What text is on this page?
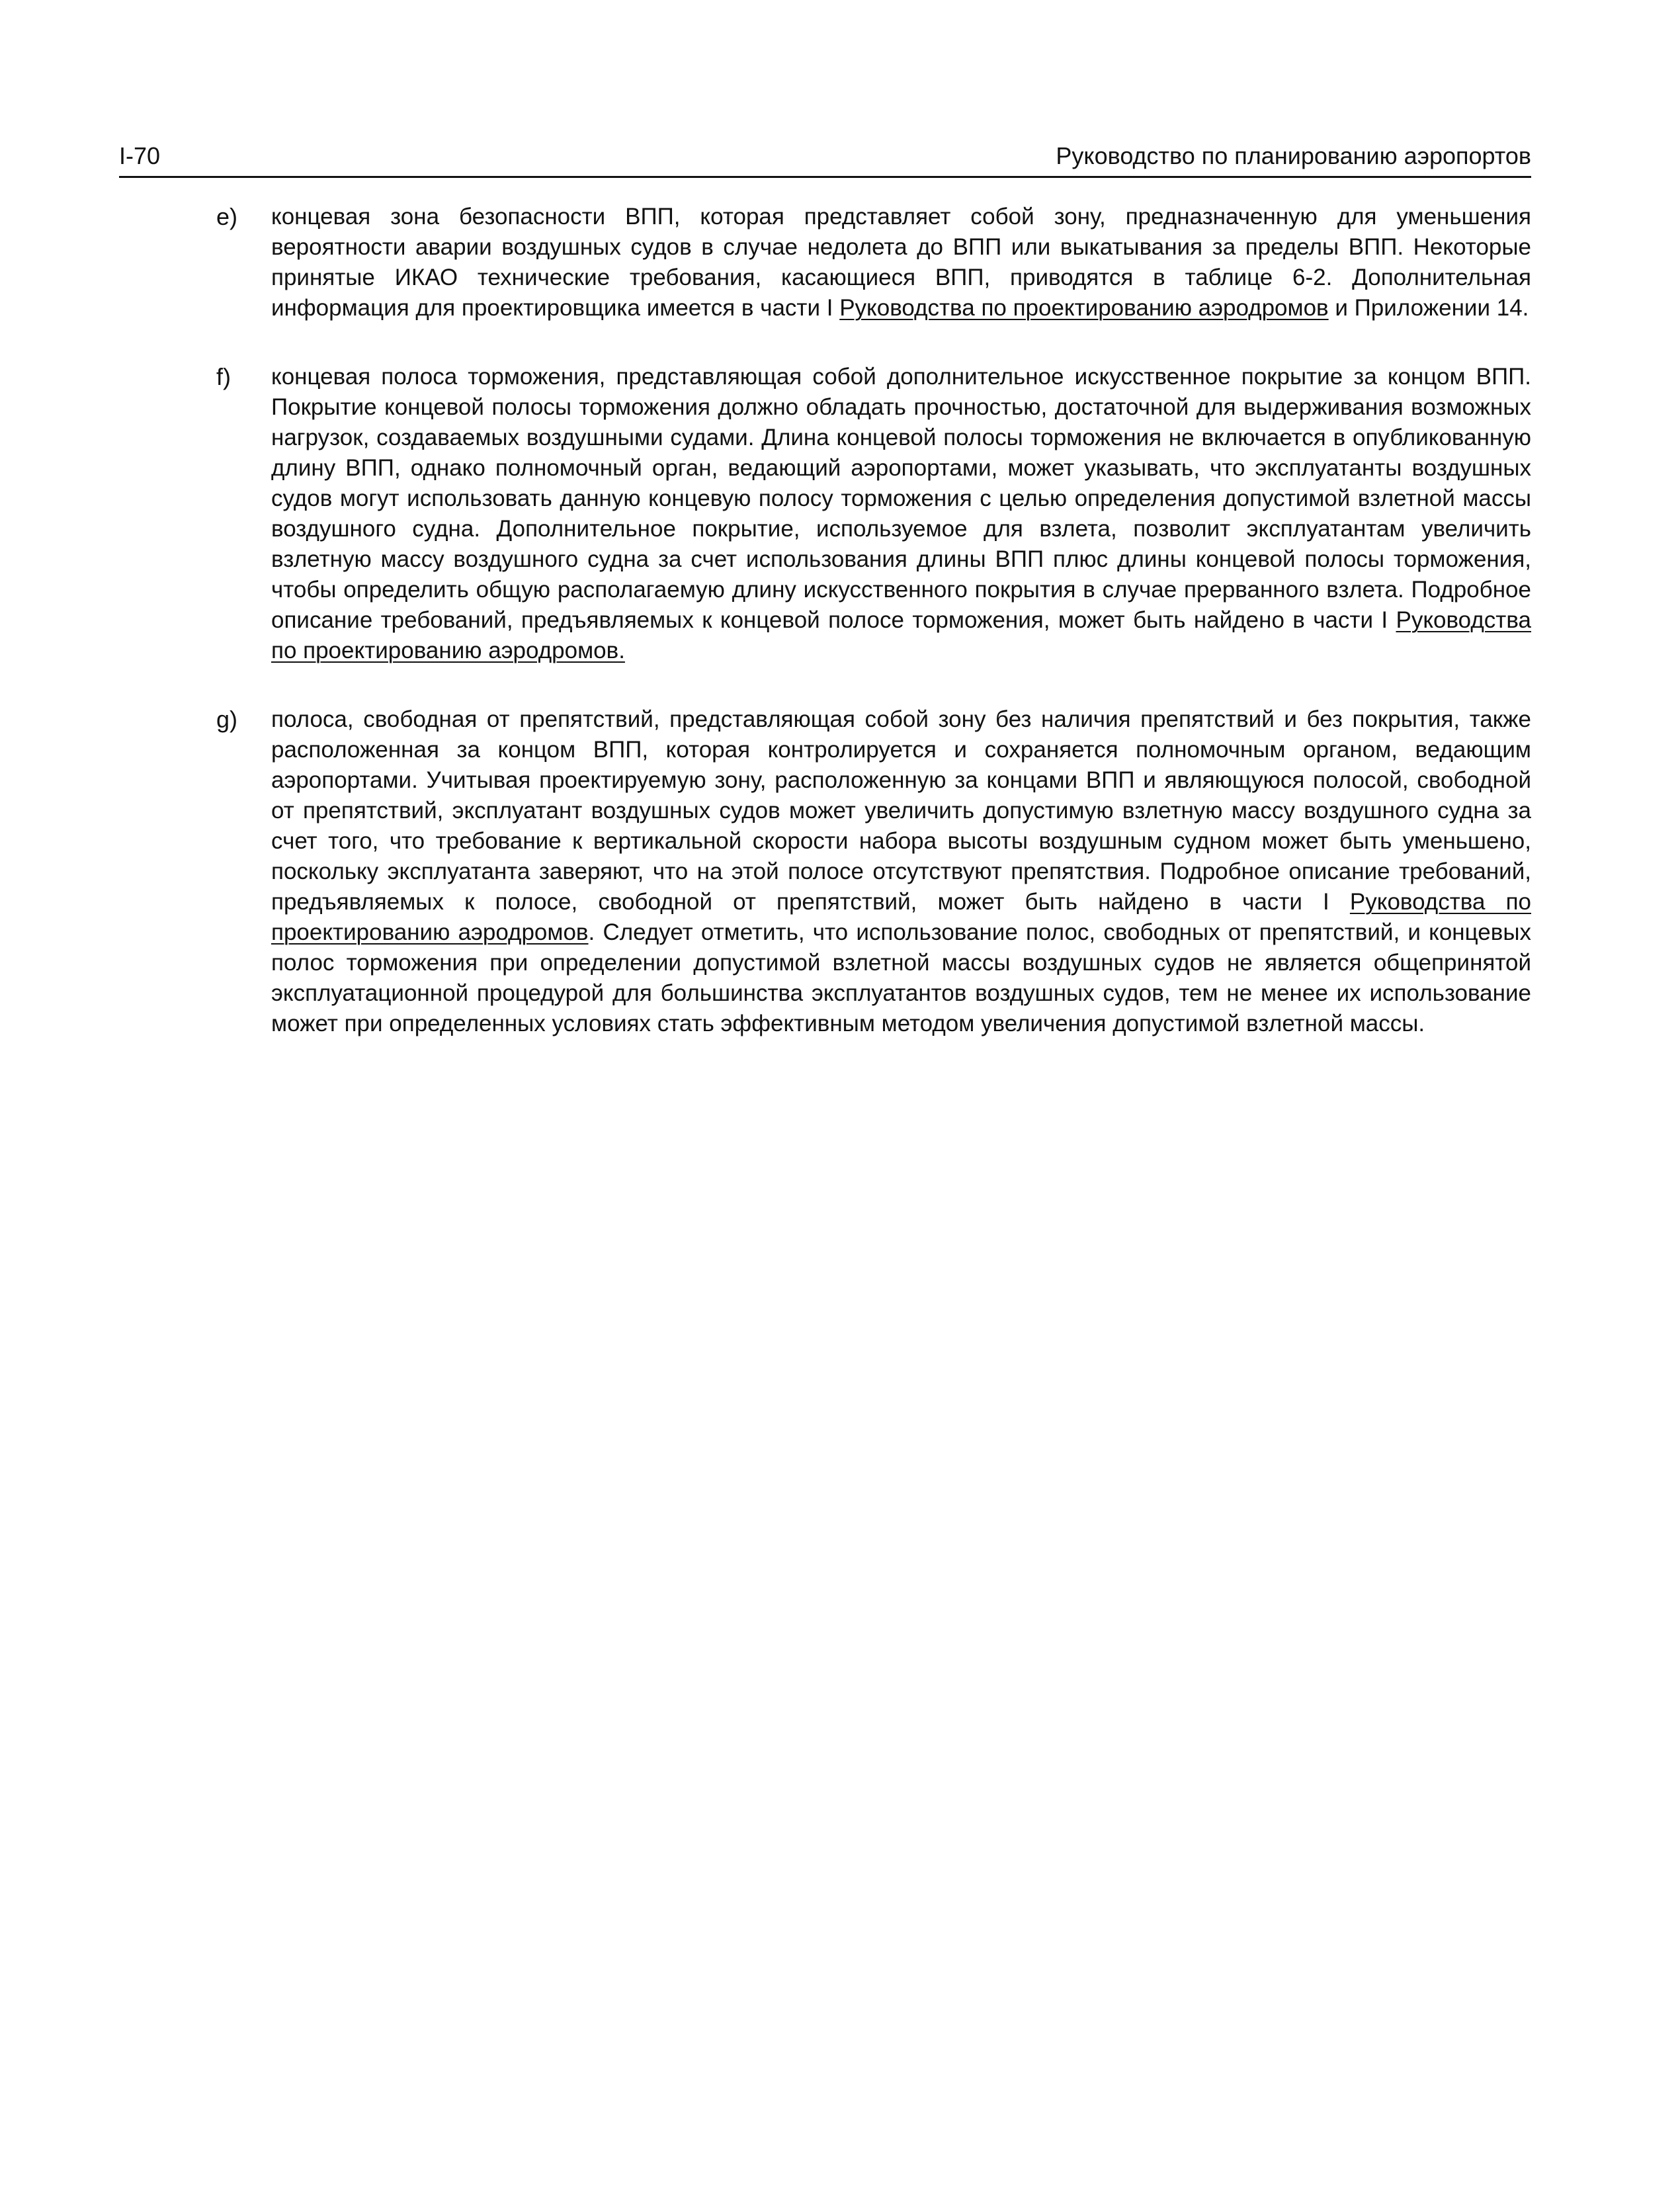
I-70	Руководство по планированию аэропортов
e) концевая зона безопасности ВПП, которая представляет собой зону, предназначенную для уменьшения вероятности аварии воздушных судов в случае недолета до ВПП или выкатывания за пределы ВПП. Некоторые принятые ИКАО технические требования, касающиеся ВПП, приводятся в таблице 6-2. Дополнительная информация для проектировщика имеется в части I Руководства по проектированию аэродромов и Приложении 14.

f) концевая полоса торможения, представляющая собой дополнительное искусственное покрытие за концом ВПП. Покрытие концевой полосы торможения должно обладать прочностью, достаточной для выдерживания возможных нагрузок, создаваемых воздушными судами. Длина концевой полосы торможения не включается в опубликованную длину ВПП, однако полномочный орган, ведающий аэропортами, может указывать, что эксплуатанты воздушных судов могут использовать данную концевую полосу торможения с целью определения допустимой взлетной массы воздушного судна. Дополнительное покрытие, используемое для взлета, позволит эксплуатантам увеличить взлетную массу воздушного судна за счет использования длины ВПП плюс длины концевой полосы торможения, чтобы определить общую располагаемую длину искусственного покрытия в случае прерванного взлета. Подробное описание требований, предъявляемых к концевой полосе торможения, может быть найдено в части I Руководства по проектированию аэродромов.

g) полоса, свободная от препятствий, представляющая собой зону без наличия препятствий и без покрытия, также расположенная за концом ВПП, которая контролируется и сохраняется полномочным органом, ведающим аэропортами. Учитывая проектируемую зону, расположенную за концами ВПП и являющуюся полосой, свободной от препятствий, эксплуатант воздушных судов может увеличить допустимую взлетную массу воздушного судна за счет того, что требование к вертикальной скорости набора высоты воздушным судном может быть уменьшено, поскольку эксплуатанта заверяют, что на этой полосе отсутствуют препятствия. Подробное описание требований, предъявляемых к полосе, свободной от препятствий, может быть найдено в части I Руководства по проектированию аэродромов. Следует отметить, что использование полос, свободных от препятствий, и концевых полос торможения при определении допустимой взлетной массы воздушных судов не является общепринятой эксплуатационной процедурой для большинства эксплуатантов воздушных судов, тем не менее их использование может при определенных условиях стать эффективным методом увеличения допустимой взлетной массы.
